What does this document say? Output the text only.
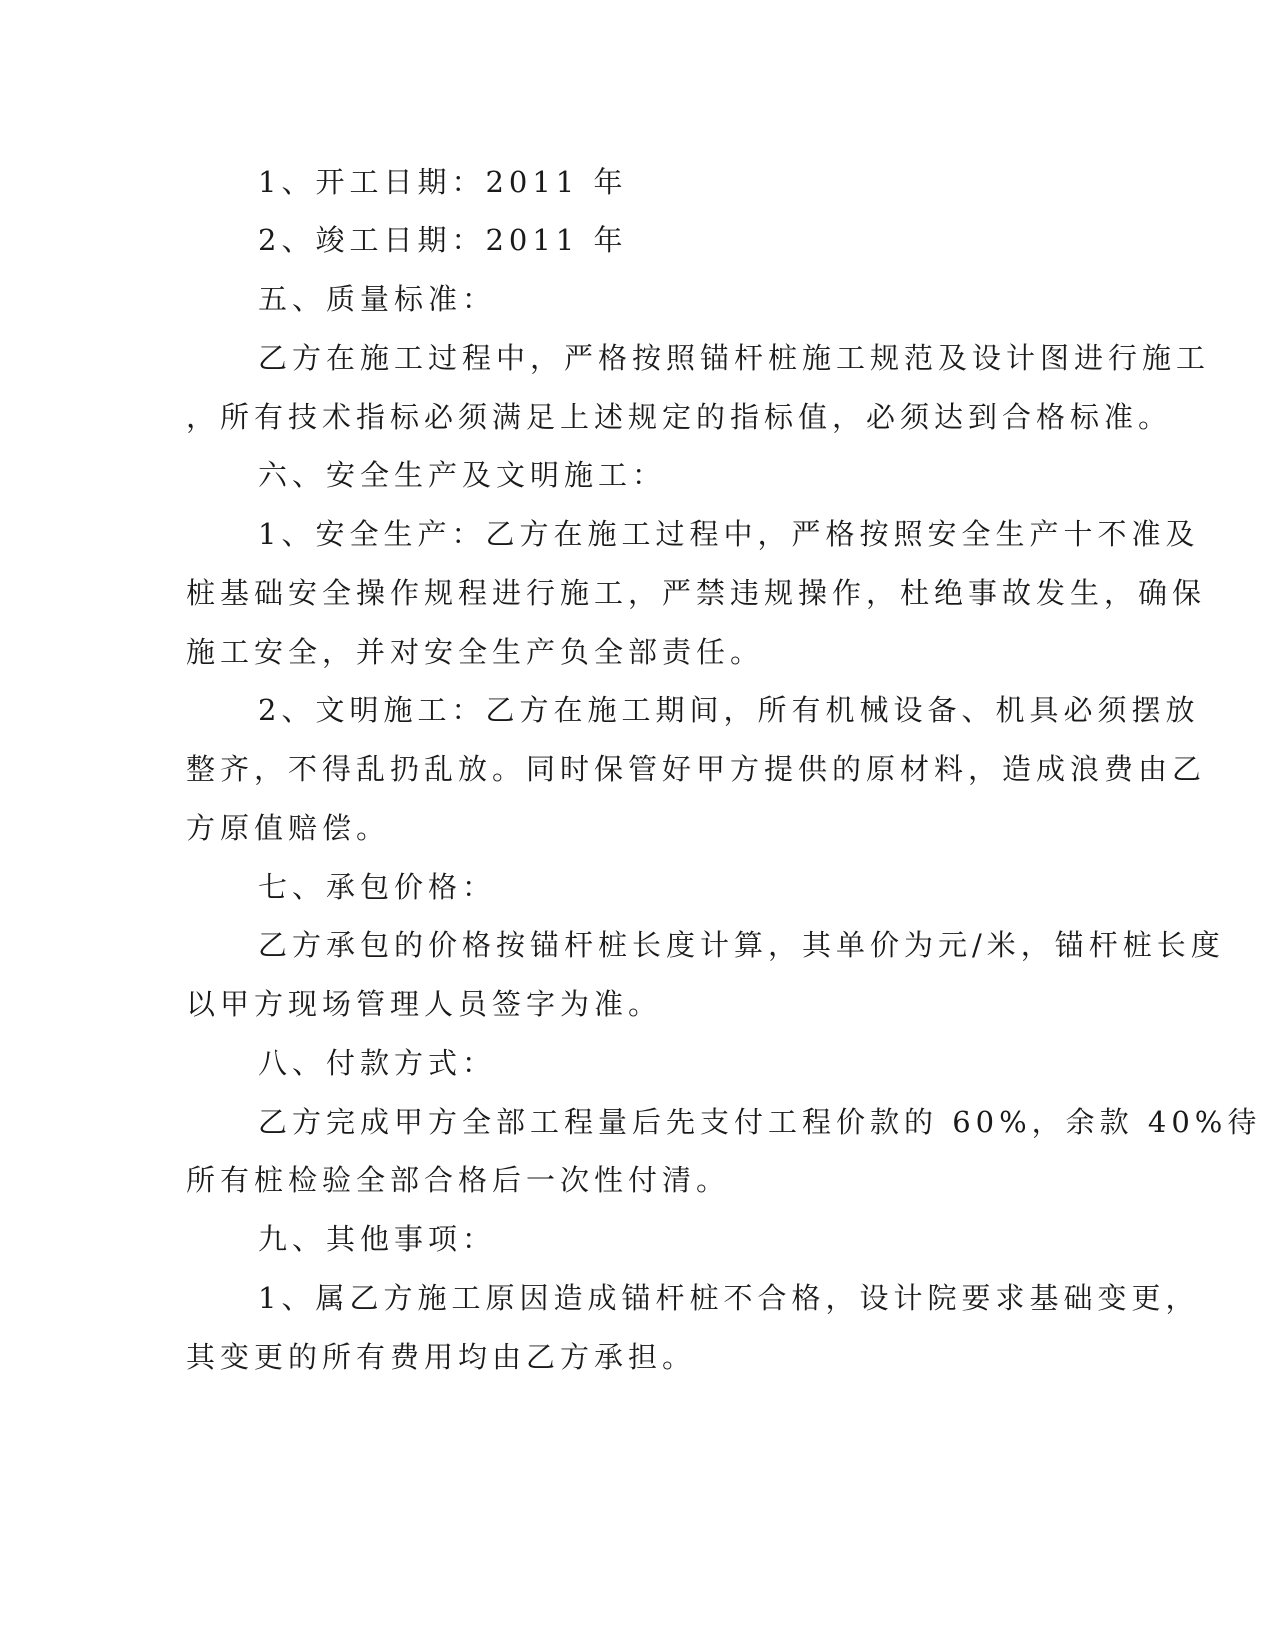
1、开工日期：2011 年
2、竣工日期：2011 年
五、质量标准：
乙方在施工过程中，严格按照锚杆桩施工规范及设计图进行施工
，所有技术指标必须满足上述规定的指标值，必须达到合格标准。
六、安全生产及文明施工：
1、安全生产：乙方在施工过程中，严格按照安全生产十不准及
桩基础安全操作规程进行施工，严禁违规操作，杜绝事故发生，确保
施工安全，并对安全生产负全部责任。
2、文明施工：乙方在施工期间，所有机械设备、机具必须摆放
整齐，不得乱扔乱放。同时保管好甲方提供的原材料，造成浪费由乙
方原值赔偿。
七、承包价格：
乙方承包的价格按锚杆桩长度计算，其单价为元/米，锚杆桩长度
以甲方现场管理人员签字为准。
八、付款方式：
乙方完成甲方全部工程量后先支付工程价款的 60%，余款 40%待
所有桩检验全部合格后一次性付清。
九、其他事项：
1、属乙方施工原因造成锚杆桩不合格，设计院要求基础变更，
其变更的所有费用均由乙方承担。
